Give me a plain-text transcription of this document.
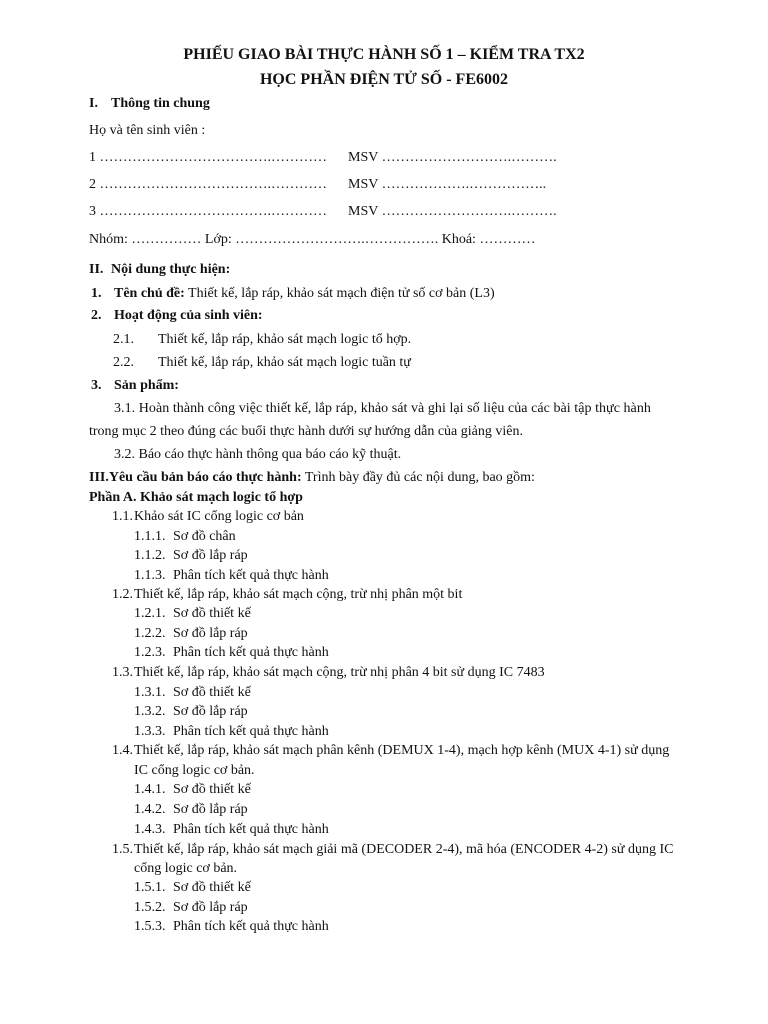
PHIẾU GIAO BÀI THỰC HÀNH SỐ 1 – KIỂM TRA TX2
HỌC PHẦN ĐIỆN TỬ SỐ - FE6002
I. Thông tin chung
Họ và tên sinh viên :
1 ……………………………….………… MSV ……………………….……….
2 ……………………………….………… MSV ……………….……………..
3 ……………………………….………… MSV ……………………….……….
Nhóm: …………… Lớp: ……………………….……………. Khoá: …………
II. Nội dung thực hiện:
1. Tên chủ đề: Thiết kế, lắp ráp, khảo sát mạch điện tử số cơ bản (L3)
2. Hoạt động của sinh viên:
2.1. Thiết kế, lắp ráp, khảo sát mạch logic tổ hợp.
2.2. Thiết kế, lắp ráp, khảo sát mạch logic tuần tự
3. Sản phẩm:
3.1. Hoàn thành công việc thiết kế, lắp ráp, khảo sát và ghi lại số liệu của các bài tập thực hành
trong mục 2 theo đúng các buổi thực hành dưới sự hướng dẫn của giảng viên.
3.2. Báo cáo thực hành thông qua báo cáo kỹ thuật.
III.Yêu cầu bản báo cáo thực hành: Trình bày đầy đủ các nội dung, bao gồm:
Phần A. Khảo sát mạch logic tổ hợp
1.1. Khảo sát IC cổng logic cơ bản
1.1.1. Sơ đồ chân
1.1.2. Sơ đồ lắp ráp
1.1.3. Phân tích kết quả thực hành
1.2. Thiết kế, lắp ráp, khảo sát mạch cộng, trừ nhị phân một bit
1.2.1. Sơ đồ thiết kế
1.2.2. Sơ đồ lắp ráp
1.2.3. Phân tích kết quả thực hành
1.3. Thiết kế, lắp ráp, khảo sát mạch cộng, trừ nhị phân 4 bit sử dụng IC 7483
1.3.1. Sơ đồ thiết kế
1.3.2. Sơ đồ lắp ráp
1.3.3. Phân tích kết quả thực hành
1.4. Thiết kế, lắp ráp, khảo sát mạch phân kênh (DEMUX 1-4), mạch hợp kênh (MUX 4-1) sử dụng
IC cổng logic cơ bản.
1.4.1. Sơ đồ thiết kế
1.4.2. Sơ đồ lắp ráp
1.4.3. Phân tích kết quả thực hành
1.5. Thiết kế, lắp ráp, khảo sát mạch giải mã (DECODER 2-4), mã hóa (ENCODER 4-2) sử dụng IC
cổng logic cơ bản.
1.5.1. Sơ đồ thiết kế
1.5.2. Sơ đồ lắp ráp
1.5.3. Phân tích kết quả thực hành
